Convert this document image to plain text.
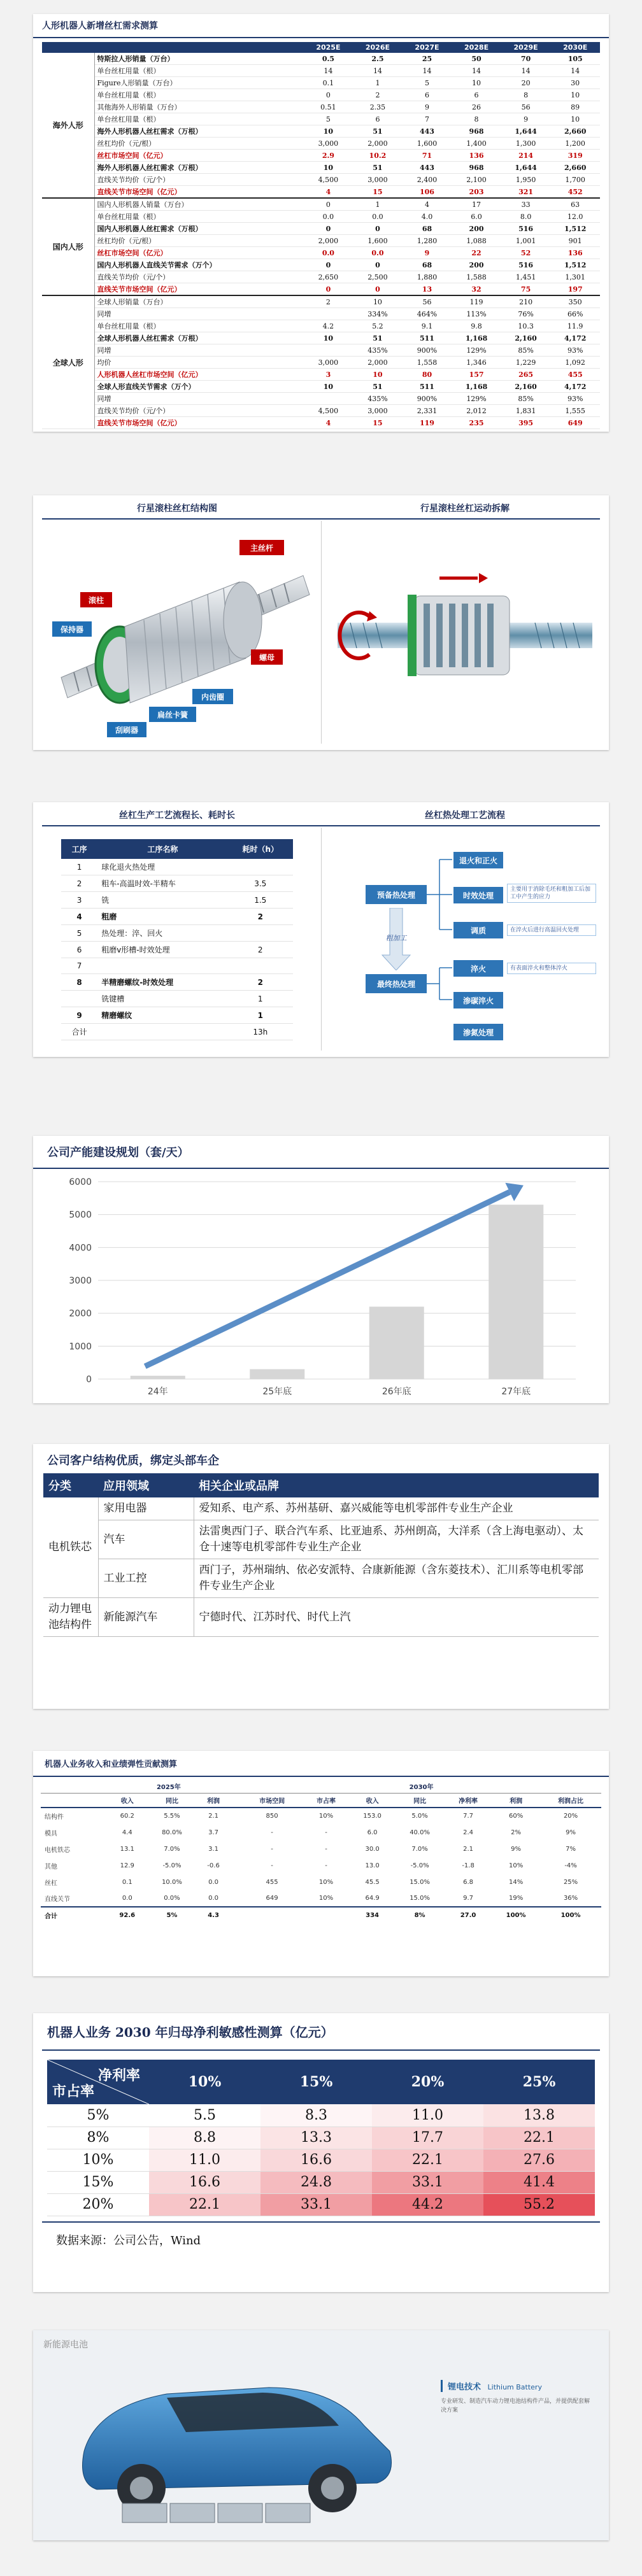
人形机器人新增丝杠需求测算
		2025E	2026E	2027E	2028E	2029E	2030E
海外人形	特斯拉人形销量（万台）	0.5	2.5	25	50	70	105
	单台丝杠用量（根）	14	14	14	14	14	14
	Figure人形销量（万台）	0.1	1	5	10	20	30
	单台丝杠用量（根）	0	2	6	6	8	10
	其他海外人形销量（万台）	0.51	2.35	9	26	56	89
	单台丝杠用量（根）	5	6	7	8	9	10
	海外人形机器人丝杠需求（万根）	10	51	443	968	1,644	2,660
	丝杠均价（元/根）	3,000	2,000	1,600	1,400	1,300	1,200
	丝杠市场空间（亿元）	2.9	10.2	71	136	214	319
	海外人形机器人丝杠需求（万根）	10	51	443	968	1,644	2,660
	直线关节均价（元/个）	4,500	3,000	2,400	2,100	1,950	1,700
	直线关节市场空间（亿元）	4	15	106	203	321	452
国内人形	国内人形机器人销量（万台）	0	1	4	17	33	63
	单台丝杠用量（根）	0.0	0.0	4.0	6.0	8.0	12.0
	国内人形机器人丝杠需求（万根）	0	0	68	200	516	1,512
	丝杠均价（元/根）	2,000	1,600	1,280	1,088	1,001	901
	丝杠市场空间（亿元）	0.0	0.0	9	22	52	136
	国内人形机器人直线关节需求（万个）	0	0	68	200	516	1,512
	直线关节均价（元/个）	2,650	2,500	1,880	1,588	1,451	1,301
	直线关节市场空间（亿元）	0	0	13	32	75	197
全球人形	全球人形销量（万台）	2	10	56	119	210	350
	同增		334%	464%	113%	76%	66%
	单台丝杠用量（根）	4.2	5.2	9.1	9.8	10.3	11.9
	全球人形机器人丝杠需求（万根）	10	51	511	1,168	2,160	4,172
	同增		435%	900%	129%	85%	93%
	均价	3,000	2,000	1,558	1,346	1,229	1,092
	人形机器人丝杠市场空间（亿元）	3	10	80	157	265	455
	全球人形直线关节需求（万个）	10	51	511	1,168	2,160	4,172
	同增		435%	900%	129%	85%	93%
	直线关节均价（元/个）	4,500	3,000	2,331	2,012	1,831	1,555
	直线关节市场空间（亿元）	4	15	119	235	395	649
行星滚柱丝杠结构图	行星滚柱丝杠运动拆解
主丝杆
滚柱
保持器
螺母
内齿圈
扁丝卡簧
刮刷器
丝杠生产工艺流程长、耗时长	丝杠热处理工艺流程
工序	工序名称	耗时（h）
1	球化退火热处理	
2	粗车-高温时效-半精车	3.5
3	铣	1.5
4	粗磨	2
5	热处理：淬、回火	
6	粗磨v形槽-时效处理	2
7		
8	半精磨螺纹-时效处理	2
	铣键槽	1
9	精磨螺纹	1
合计		13h
预备热处理
最终热处理
粗加工
退火和正火
时效处理
调质
淬火
渗碳淬火
渗氮处理
主要用于消除毛坯和粗加工后加工中产生的应力
在淬火后进行高温回火处理
有表面淬火和整体淬火
公司产能建设规划（套/天）
0
1000
2000
3000
4000
5000
6000
24年	25年底	26年底	27年底
公司客户结构优质，绑定头部车企
分类	应用领域	相关企业或品牌
电机铁芯	家用电器	爱知系、电产系、苏州基研、嘉兴威能等电机零部件专业生产企业
	汽车	法雷奥西门子、联合汽车系、比亚迪系、苏州朗高，大洋系（含上海电驱动）、太仓十速等电机零部件专业生产企业
	工业工控	西门子，苏州瑞纳、依必安派特、合康新能源（含东菱技术）、汇川系等电机零部件专业生产企业
动力锂电池结构件	新能源汽车	宁德时代、江苏时代、时代上汽
机器人业务收入和业绩弹性贡献测算
	2025年				2030年						
	收入	同比	利润		市场空间	市占率	收入	同比	净利率	利润	利润占比
结构件	60.2	5.5%	2.1		850	10%	153.0	5.0%	7.7	60%	20%
模具	4.4	80.0%	3.7		-	-	6.0	40.0%	2.4	2%	9%
电机铁芯	13.1	7.0%	3.1		-	-	30.0	7.0%	2.1	9%	7%
其他	12.9	-5.0%	-0.6		-	-	13.0	-5.0%	-1.8	10%	-4%
丝杠	0.1	10.0%	0.0		455	10%	45.5	15.0%	6.8	14%	25%
直线关节	0.0	0.0%	0.0		649	10%	64.9	15.0%	9.7	19%	36%
合计	92.6	5%	4.3				334	8%	27.0	100%	100%
机器人业务 2030 年归母净利敏感性测算（亿元）
净利率
市占率	10%	15%	20%	25%
5%	5.5	8.3	11.0	13.8
8%	8.8	13.3	17.7	22.1
10%	11.0	16.6	22.1	27.6
15%	16.6	24.8	33.1	41.4
20%	22.1	33.1	44.2	55.2
数据来源：公司公告，Wind
新能源电池
锂电技术 Lithium Battery
专业研发、制造汽车动力锂电池结构件产品，并提供配套解决方案
